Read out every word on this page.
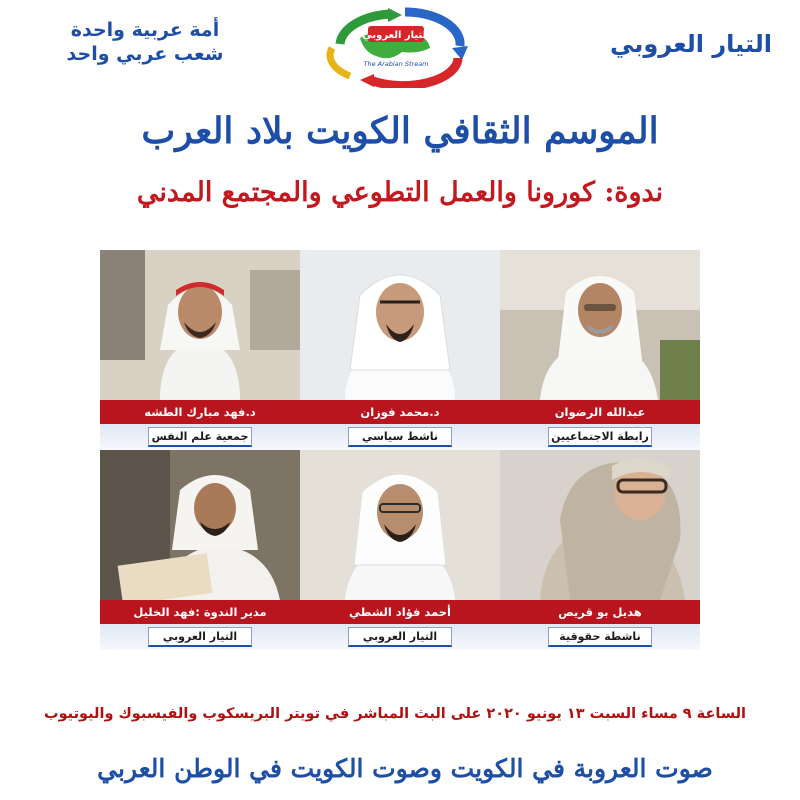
أمة عربية واحدة
شعب عربي واحد
التيار العروبي
The Arabian Stream
التيار العروبي
الموسم الثقافي الكويت بلاد العرب
ندوة: كورونا والعمل التطوعي والمجتمع المدني
د.فهد مبارك الطشه
جمعية علم النفس
د.محمد فوزان
ناشط سياسي
عبدالله الرضوان
رابطة الاجتماعيين
مدير الندوة :فهد الخليل
التيار العروبي
أحمد فؤاد الشطي
التيار العروبي
هديل بو قريص
ناشطة حقوقية
الساعة ٩ مساء السبت ١٣ يونيو ٢٠٢٠ على البث المباشر في تويتر البريسكوب والفيسبوك واليوتيوب
صوت العروبة في الكويت وصوت الكويت في الوطن العربي
